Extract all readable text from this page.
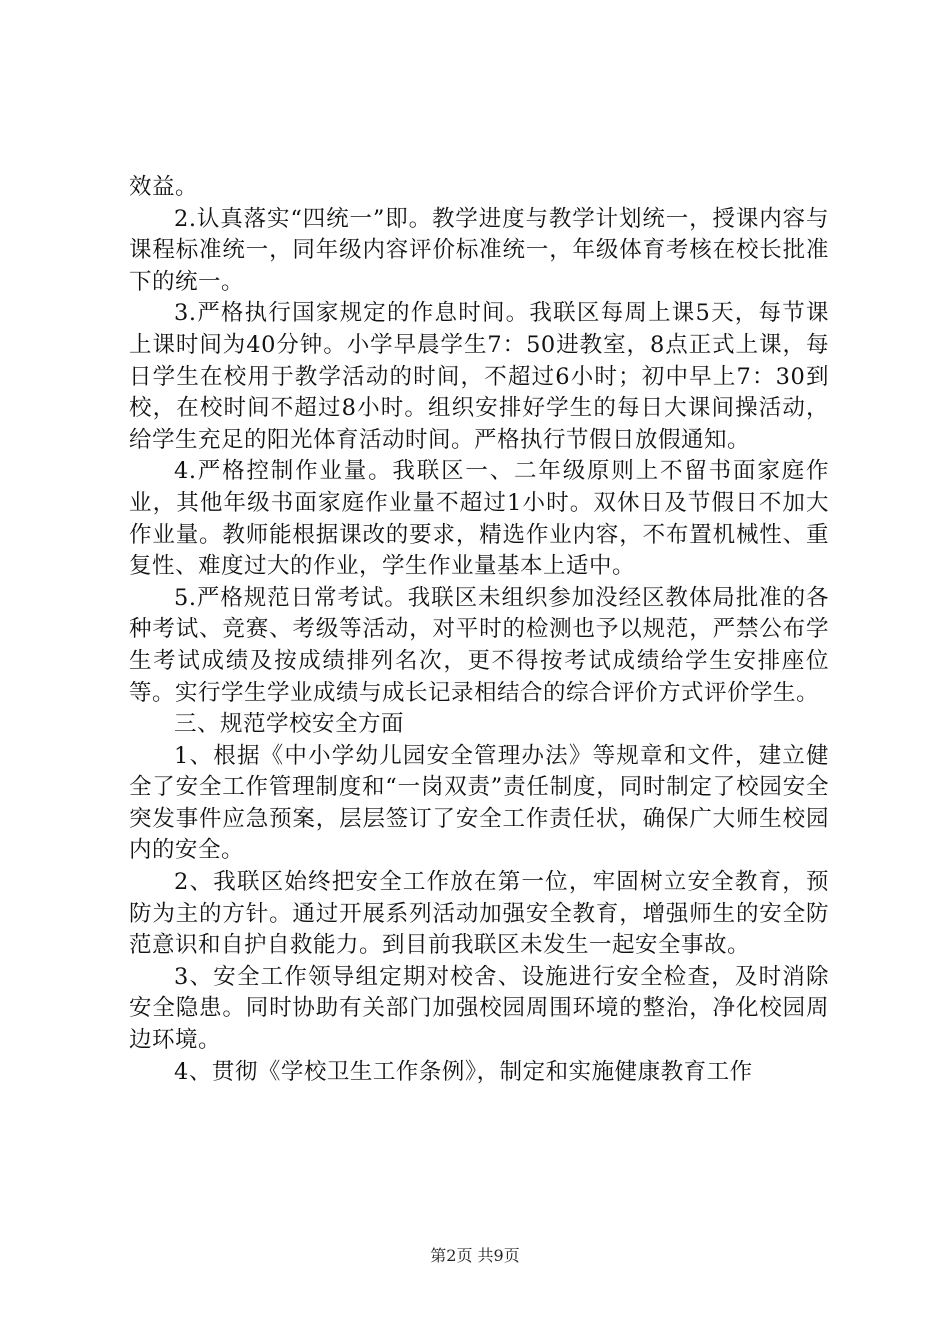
效益。

2.认真落实“四统一”即。教学进度与教学计划统一，授课内容与课程标准统一，同年级内容评价标准统一，年级体育考核在校长批准下的统一。

3.严格执行国家规定的作息时间。我联区每周上课5天，每节课上课时间为40分钟。小学早晨学生7：50进教室，8点正式上课，每日学生在校用于教学活动的时间，不超过6小时；初中早上7：30到校，在校时间不超过8小时。组织安排好学生的每日大课间操活动，给学生充足的阳光体育活动时间。严格执行节假日放假通知。

4.严格控制作业量。我联区一、二年级原则上不留书面家庭作业，其他年级书面家庭作业量不超过1小时。双休日及节假日不加大作业量。教师能根据课改的要求，精选作业内容，不布置机械性、重复性、难度过大的作业，学生作业量基本上适中。

5.严格规范日常考试。我联区未组织参加没经区教体局批准的各种考试、竞赛、考级等活动，对平时的检测也予以规范，严禁公布学生考试成绩及按成绩排列名次，更不得按考试成绩给学生安排座位等。实行学生学业成绩与成长记录相结合的综合评价方式评价学生。

三、规范学校安全方面

1、根据《中小学幼儿园安全管理办法》等规章和文件，建立健全了安全工作管理制度和“一岗双责”责任制度，同时制定了校园安全突发事件应急预案，层层签订了安全工作责任状，确保广大师生校园内的安全。

2、我联区始终把安全工作放在第一位，牢固树立安全教育，预防为主的方针。通过开展系列活动加强安全教育，增强师生的安全防范意识和自护自救能力。到目前我联区未发生一起安全事故。

3、安全工作领导组定期对校舍、设施进行安全检查，及时消除安全隐患。同时协助有关部门加强校园周围环境的整治，净化校园周边环境。

4、贯彻《学校卫生工作条例》，制定和实施健康教育工作

第2页 共9页
